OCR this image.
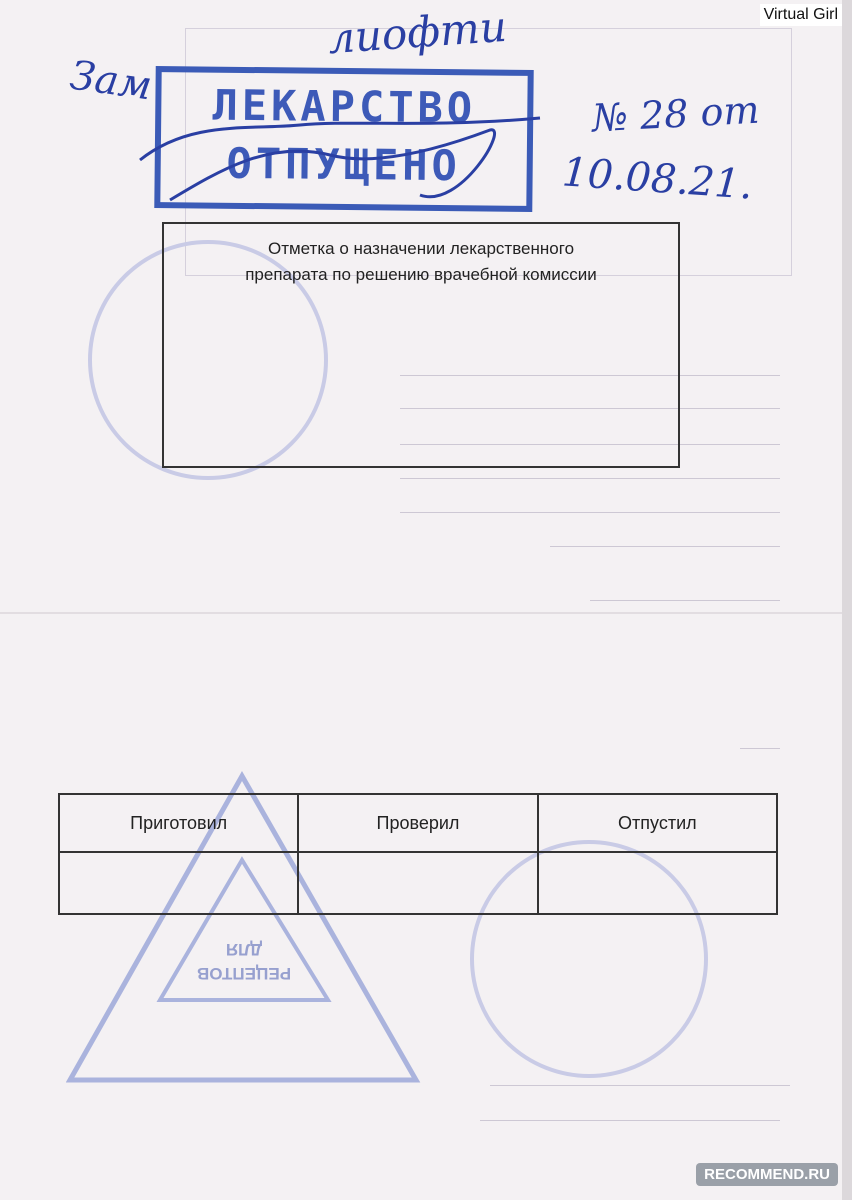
ДЛЯ
РЕЦЕПТОВ
ЛЕКАРСТВО
ОТПУЩЕНО
лиофти
Зам
№ 28 от
10.08.21.
Отметка о назначении лекарственного
препарата по решению врачебной комиссии
Приготовил	Проверил	Отпустил

Virtual Girl
RECOMMEND.RU
